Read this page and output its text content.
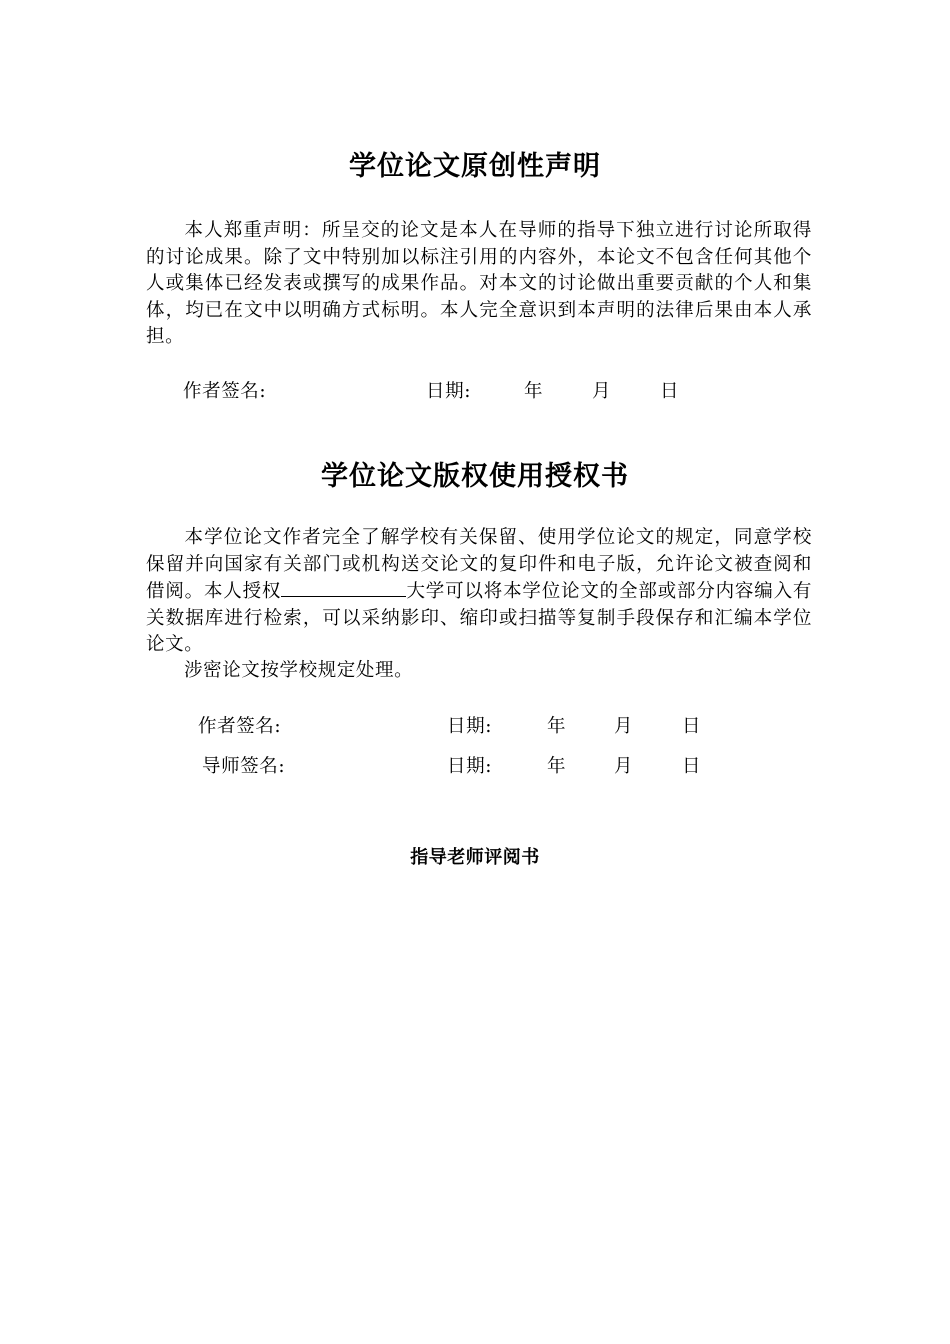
学位论文原创性声明

本人郑重声明：所呈交的论文是本人在导师的指导下独立进行讨论所取得的讨论成果。除了文中特别加以标注引用的内容外，本论文不包含任何其他个人或集体已经发表或撰写的成果作品。对本文的讨论做出重要贡献的个人和集体，均已在文中以明确方式标明。本人完全意识到本声明的法律后果由本人承担。

作者签名:	日期:	年	月	日
学位论文版权使用授权书

本学位论文作者完全了解学校有关保留、使用学位论文的规定，同意学校保留并向国家有关部门或机构送交论文的复印件和电子版，允许论文被查阅和借阅。本人授权	大学可以将本学位论文的全部或部分内容编入有关数据库进行检索，可以采纳影印、缩印或扫描等复制手段保存和汇编本学位论文。

涉密论文按学校规定处理。

作者签名:	日期:	年	月	日
导师签名:	日期:	年	月	日
指导老师评阅书
